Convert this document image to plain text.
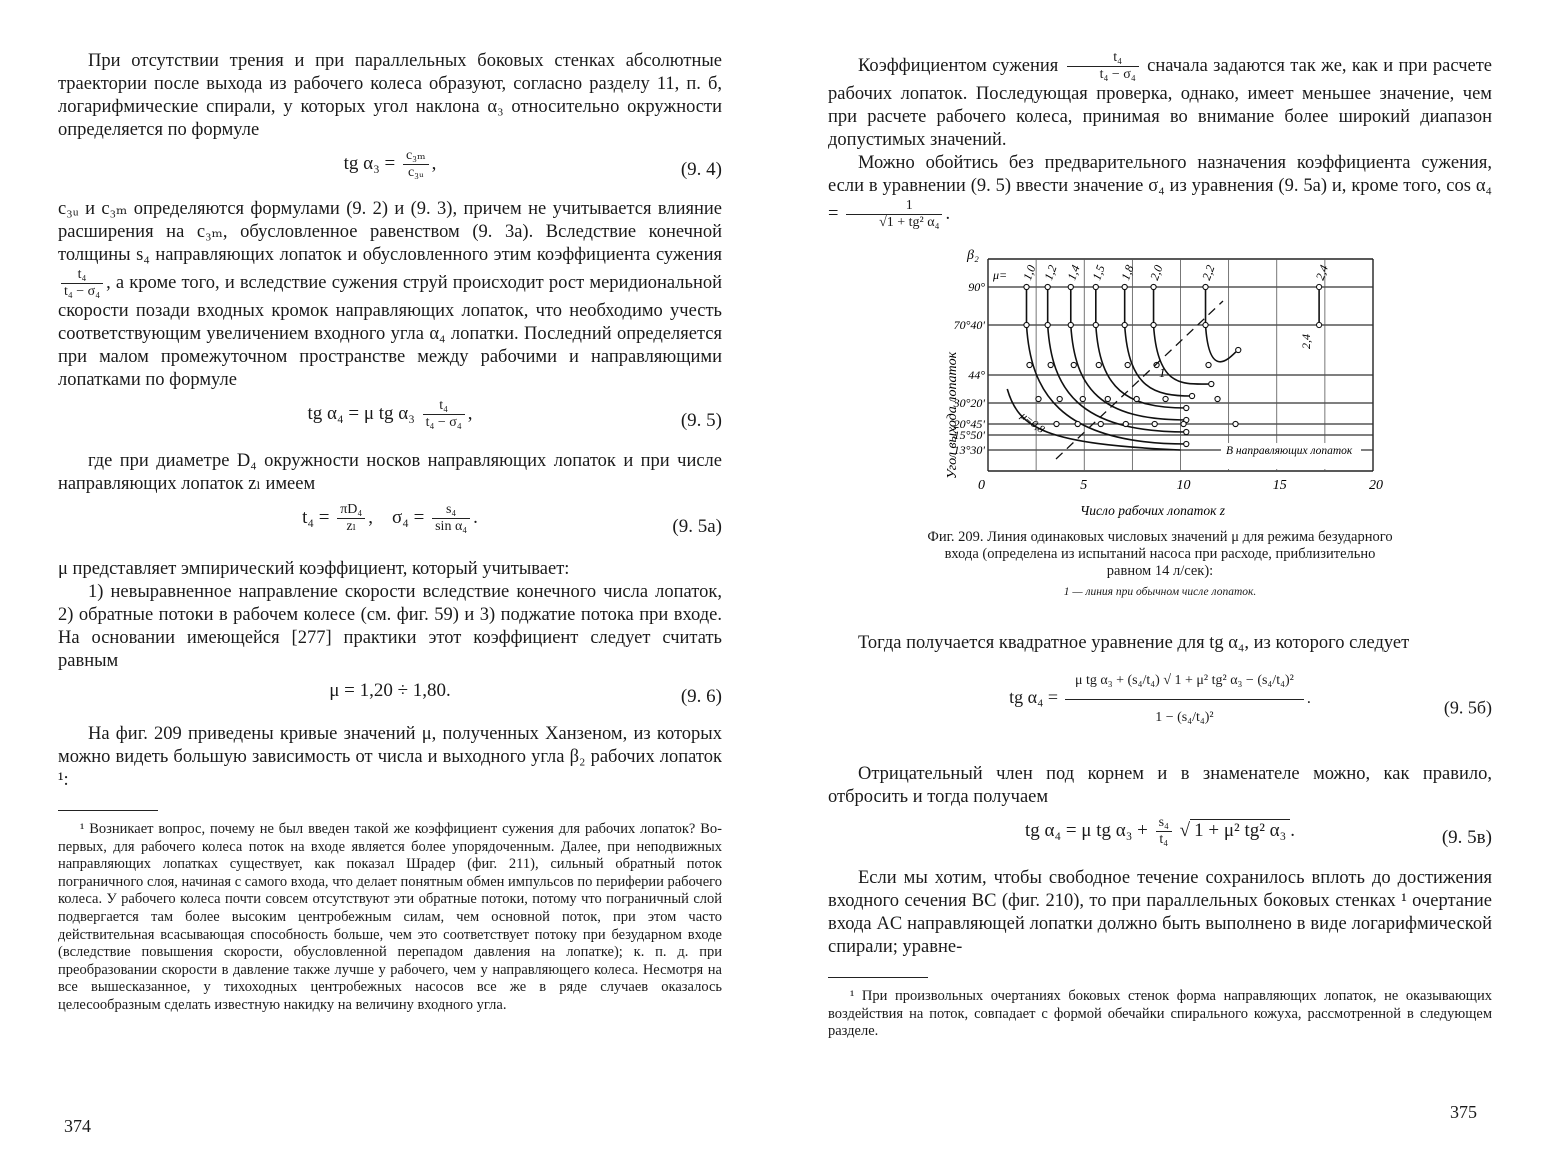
При отсутствии трения и при параллельных боковых стенках абсолютные траектории после выхода из рабочего колеса образуют, согласно разделу 11, п. б, логарифмические спирали, у которых угол наклона α₃ относительно окружности определяется по формуле

tg $\alpha_3 = \frac{\text{c₃ₘ}}{\text{c₃ᵤ}}$ ,	(9. 4)

c₃ᵤ и c₃ₘ определяются формулами (9. 2) и (9. 3), причем не учитывается влияние расширения на c₃ₘ, обусловленное равенством (9. 3а). Вследствие конечной толщины s₄ направляющих лопаток и обусловленного этим коэффициента сужения
$\frac{\text{t₄}}{\text{t₄ − σ₄}}$ , а кроме того, и вследствие сужения струй происходит рост меридиональной скорости позади входных кромок направляющих лопаток, что необходимо учесть соответствующим увеличением входного угла α₄ лопатки. Последний определяется при малом промежуточном пространстве между рабочими и направляющими лопатками по формуле

tg α₄ = μ tg $\alpha_3 \frac{\text{t₄}}{\text{t₄ − σ₄}}$ ,	(9. 5)

где при диаметре D₄ окружности носков направляющих лопаток и при числе направляющих лопаток zₗ имеем

$t_4 = \frac{\text{πD₄}}{\text{zₗ}}$ ,    $\sigma_4 = \frac{\text{s₄}}{\text{sin α₄}}$ .	(9. 5а)

μ представляет эмпирический коэффициент, который учитывает:

1) невыравненное направление скорости вследствие конечного числа лопаток, 2) обратные потоки в рабочем колесе (см. фиг. 59) и 3) поджатие потока при входе. На основании имеющейся [277] практики этот коэффициент следует считать равным

μ = 1,20 ÷ 1,80.	(9. 6)

На фиг. 209 приведены кривые значений μ, полученных Ханзеном, из которых можно видеть большую зависимость от числа и выходного угла β₂ рабочих лопаток ¹:

¹ Возникает вопрос, почему не был введен такой же коэффициент сужения для рабочих лопаток? Во-первых, для рабочего колеса поток на входе является более упорядоченным. Далее, при неподвижных направляющих лопатках существует, как показал Шрадер (фиг. 211), сильный обратный поток пограничного слоя, начиная с самого входа, что делает понятным обмен импульсов по периферии рабочего колеса. У рабочего колеса почти совсем отсутствуют эти обратные потоки, потому что пограничный слой подвергается там более высоким центробежным силам, чем основной поток, при этом часто действительная всасывающая способность больше, чем это соответствует потоку при безударном входе (вследствие повышения скорости, обусловленной перепадом давления на лопатке); к. п. д. при преобразовании скорости в давление также лучше у рабочего, чем у направляющего колеса. Несмотря на все вышесказанное, у тихоходных центробежных насосов все же в ряде случаев оказалось целесообразным сделать известную накидку на величину входного угла.

374

Коэффициентом сужения $\frac{\text{t₄}}{\text{t₄ − σ₄}}$ сначала задаются так же, как и при расчете рабочих лопаток. Последующая проверка, однако, имеет меньшее значение, чем при расчете рабочего колеса, принимая во внимание более широкий диапазон допустимых значений.

Можно обойтись без предварительного назначения коэффициента сужения, если в уравнении (9. 5) ввести значение σ₄ из уравнения (9. 5а) и, кроме того, $\cos \alpha_4 = \frac{1}{\text{√1 + tg² α₄}}$ .

1
β₂
Угол выхода лопаток
Число рабочих лопаток z
90°
70°40'
44°
30°20'
20°45'
15°50'
13°30'
0	5	10	15	20
1,0 1,2 1,4 1,5 1,8 2,0	2,2	2,4
μ=
μ=0,8
2,4
В направляющих лопаток

Фиг. 209. Линия одинаковых числовых значений μ для режима безударного входа (определена из испытаний насоса при расходе, приблизительно равном 14 л/сек):

1 — линия при обычном числе лопаток.

Тогда получается квадратное уравнение для tg α₄, из которого следует

tg $\alpha_4 = \frac{\text{μ tg α₃ + (s₄/t₄) √ 1 + μ² tg² α₃ − (s₄/t₄)²}}{\text{1 − (s₄/t₄)²}}$ .	(9. 5б)

Отрицательный член под корнем и в знаменателе можно, как правило, отбросить и тогда получаем

tg α₄ = μ tg $\alpha_3 + \frac{\text{s₄}}{\text{t₄}}$ √ 1 + μ² tg² α₃ .	(9. 5в)

Если мы хотим, чтобы свободное течение сохранилось вплоть до достижения входного сечения BC (фиг. 210), то при параллельных боковых стенках ¹ очертание входа AC направляющей лопатки должно быть выполнено в виде логарифмической спирали; уравне-

¹ При произвольных очертаниях боковых стенок форма направляющих лопаток, не оказывающих воздействия на поток, совпадает с формой обечайки спирального кожуха, рассмотренной в следующем разделе.

375
